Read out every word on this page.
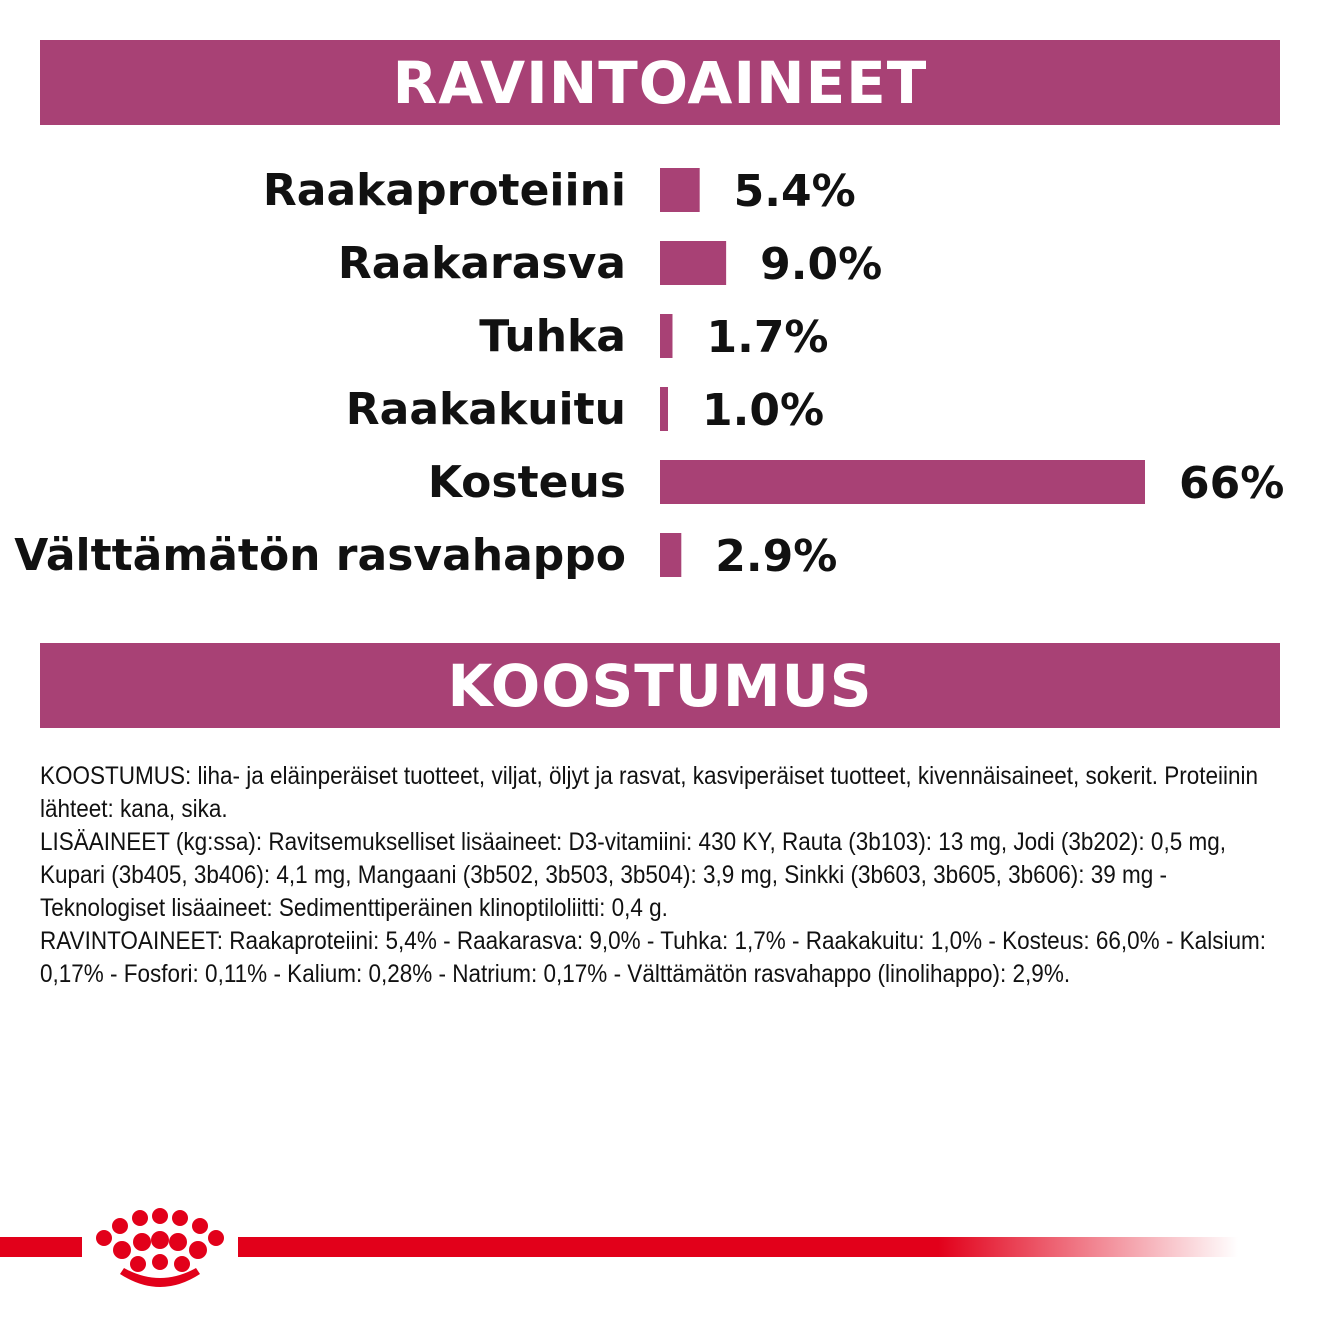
RAVINTOAINEET
Raakaproteiini 5.4%
Raakarasva	9.0%
Tuhka 1.7%
Raakakuitu 1.0%
Kosteus	66%
Välttämätön rasvahappo 2.9%
KOOSTUMUS

KOOSTUMUS: liha- ja eläinperäiset tuotteet, viljat, öljyt ja rasvat, kasviperäiset tuotteet, kivennäisaineet, sokerit. Proteiinin lähteet: kana, sika.

LISÄAINEET (kg:ssa): Ravitsemukselliset lisäaineet: D3-vitamiini: 430 KY, Rauta (3b103): 13 mg, Jodi (3b202): 0,5 mg, Kupari (3b405, 3b406): 4,1 mg, Mangaani (3b502, 3b503, 3b504): 3,9 mg, Sinkki (3b603, 3b605, 3b606): 39 mg - Teknologiset lisäaineet: Sedimenttiperäinen klinoptiloliitti: 0,4 g.

RAVINTOAINEET: Raakaproteiini: 5,4% - Raakarasva: 9,0% - Tuhka: 1,7% - Raakakuitu: 1,0% - Kosteus: 66,0% - Kalsium: 0,17% - Fosfori: 0,11% - Kalium: 0,28% - Natrium: 0,17% - Välttämätön rasvahappo (linolihappo): 2,9%.
